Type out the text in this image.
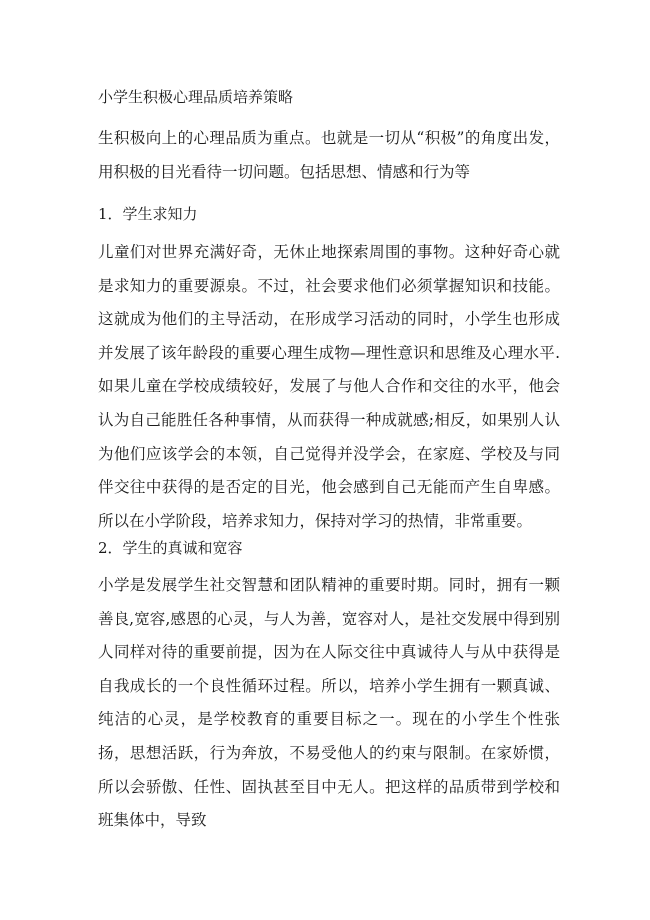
小学生积极心理品质培养策略

生积极向上的心理品质为重点。也就是一切从“积极”的角度出发，用积极的目光看待一切问题。包括思想、情感和行为等

1．学生求知力

儿童们对世界充满好奇，无休止地探索周围的事物。这种好奇心就是求知力的重要源泉。不过，社会要求他们必须掌握知识和技能。这就成为他们的主导活动，在形成学习活动的同时，小学生也形成并发展了该年龄段的重要心理生成物—理性意识和思维及心理水平.如果儿童在学校成绩较好，发展了与他人合作和交往的水平，他会认为自己能胜任各种事情，从而获得一种成就感;相反，如果别人认为他们应该学会的本领，自己觉得并没学会，在家庭、学校及与同伴交往中获得的是否定的目光，他会感到自己无能而产生自卑感。所以在小学阶段，培养求知力，保持对学习的热情，非常重要。

2．学生的真诚和宽容

小学是发展学生社交智慧和团队精神的重要时期。同时，拥有一颗善良,宽容,感恩的心灵，与人为善，宽容对人，是社交发展中得到别人同样对待的重要前提，因为在人际交往中真诚待人与从中获得是自我成长的一个良性循环过程。所以，培养小学生拥有一颗真诚、纯洁的心灵，是学校教育的重要目标之一。现在的小学生个性张扬，思想活跃，行为奔放，不易受他人的约束与限制。在家娇惯，所以会骄傲、任性、固执甚至目中无人。把这样的品质带到学校和班集体中，导致
